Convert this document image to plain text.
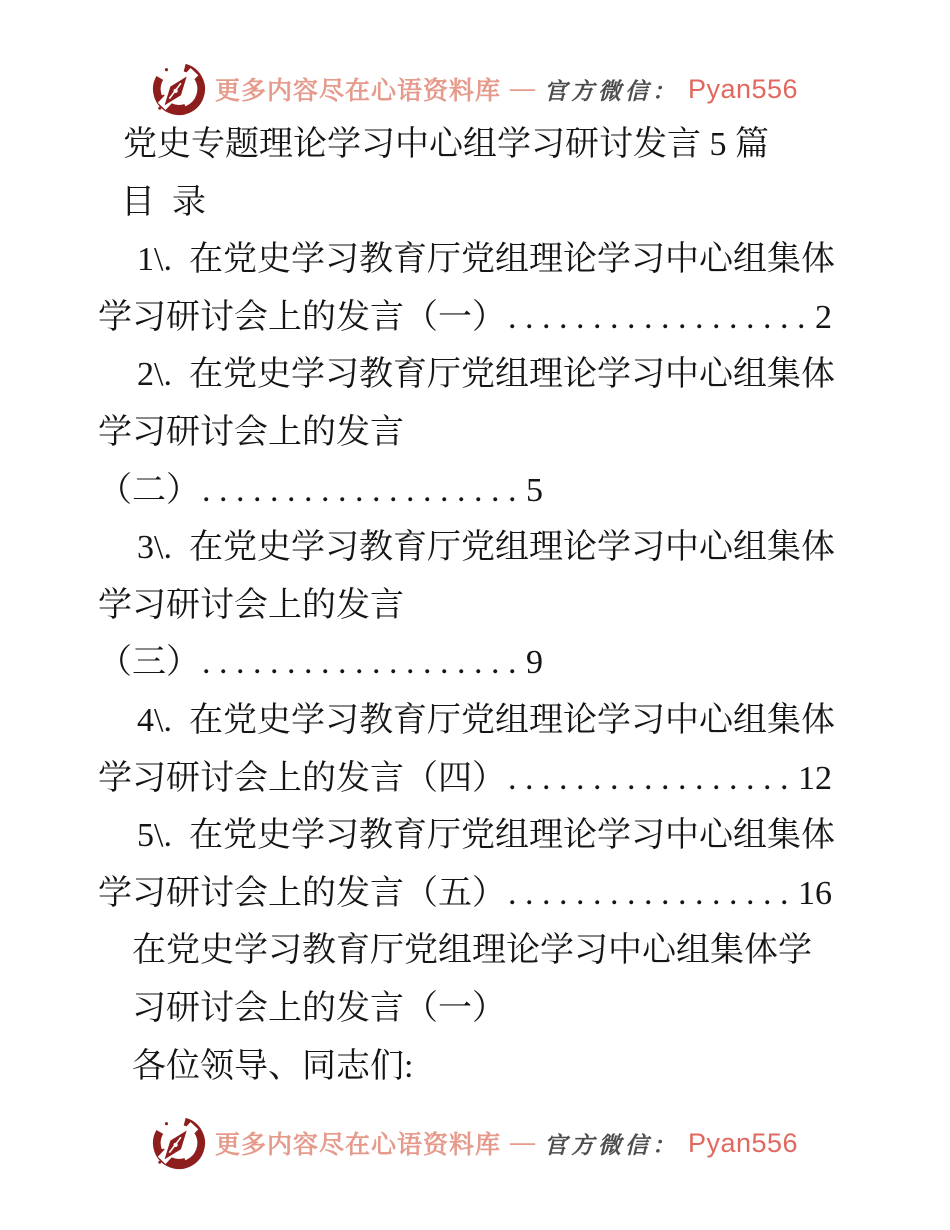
更多内容尽在心语资料库 — 官方微信： Pyan556
党史专题理论学习中心组学习研讨发言 5 篇
目  录
1\.  在党史学习教育厅党组理论学习中心组集体
学习研讨会上的发言（一）..................2
2\.  在党史学习教育厅党组理论学习中心组集体
学习研讨会上的发言
（二）...................5
3\.  在党史学习教育厅党组理论学习中心组集体
学习研讨会上的发言
（三）...................9
4\.  在党史学习教育厅党组理论学习中心组集体
学习研讨会上的发言（四）.................12
5\.  在党史学习教育厅党组理论学习中心组集体
学习研讨会上的发言（五）.................16
在党史学习教育厅党组理论学习中心组集体学
习研讨会上的发言（一）
各位领导、同志们:
更多内容尽在心语资料库 — 官方微信： Pyan556
